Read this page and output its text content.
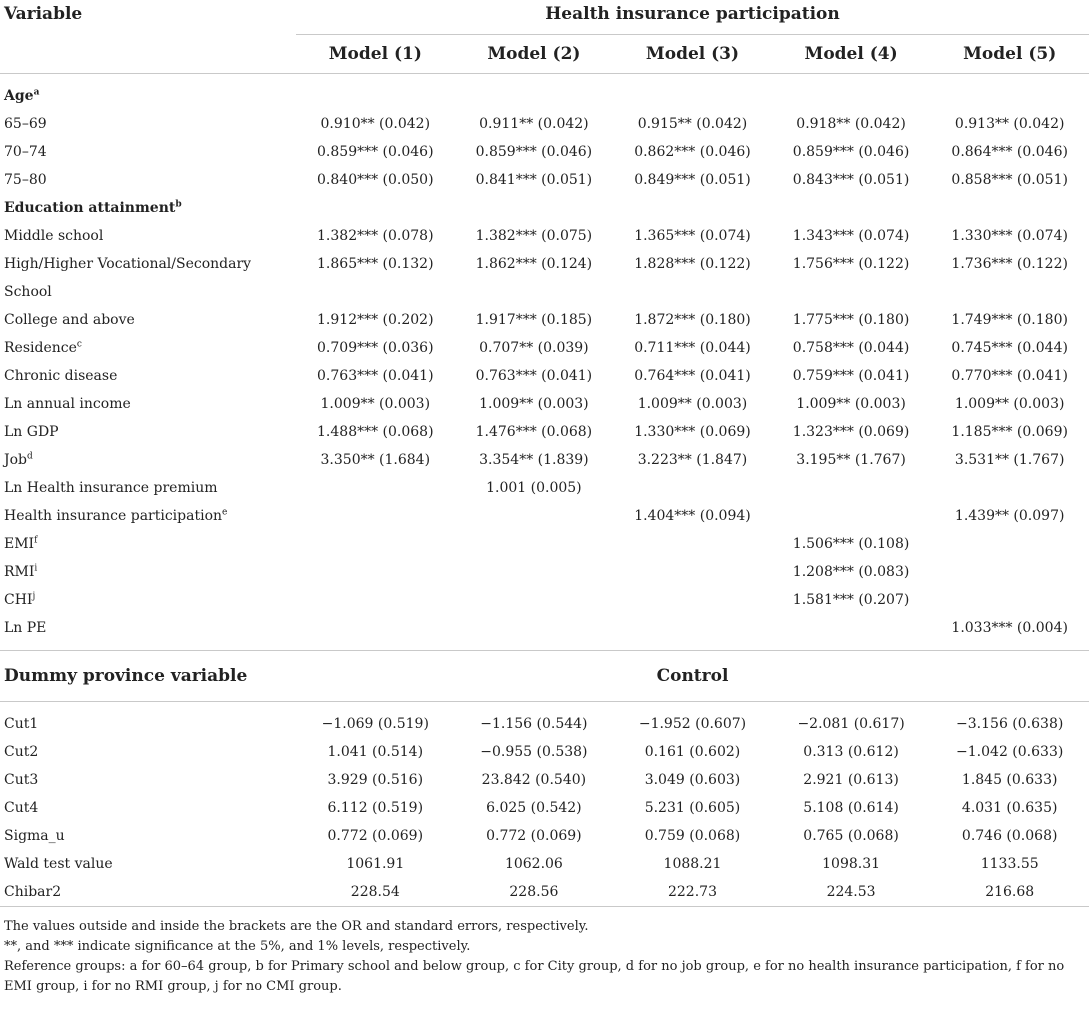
Variable	Health insurance participation				
	Model (1)	Model (2)	Model (3)	Model (4)	Model (5)

Age$^a$	
65–69	0.910** (0.042)	0.911** (0.042)	0.915** (0.042)	0.918** (0.042)	0.913** (0.042)
70–74	0.859*** (0.046)	0.859*** (0.046)	0.862*** (0.046)	0.859*** (0.046)	0.864*** (0.046)
75–80	0.840*** (0.050)	0.841*** (0.051)	0.849*** (0.051)	0.843*** (0.051)	0.858*** (0.051)
Education attainment$^b$	
Middle school	1.382*** (0.078)	1.382*** (0.075)	1.365*** (0.074)	1.343*** (0.074)	1.330*** (0.074)
High/Higher Vocational/Secondary	1.865*** (0.132)	1.862*** (0.124)	1.828*** (0.122)	1.756*** (0.122)	1.736*** (0.122)
School					
College and above	1.912*** (0.202)	1.917*** (0.185)	1.872*** (0.180)	1.775*** (0.180)	1.749*** (0.180)
Residence$^c$	0.709*** (0.036)	0.707** (0.039)	0.711*** (0.044)	0.758*** (0.044)	0.745*** (0.044)
Chronic disease	0.763*** (0.041)	0.763*** (0.041)	0.764*** (0.041)	0.759*** (0.041)	0.770*** (0.041)
Ln annual income	1.009** (0.003)	1.009** (0.003)	1.009** (0.003)	1.009** (0.003)	1.009** (0.003)
Ln GDP	1.488*** (0.068)	1.476*** (0.068)	1.330*** (0.069)	1.323*** (0.069)	1.185*** (0.069)
Job$^d$	3.350** (1.684)	3.354** (1.839)	3.223** (1.847)	3.195** (1.767)	3.531** (1.767)
Ln Health insurance premium		1.001 (0.005)			
Health insurance participation$^e$			1.404*** (0.094)		1.439** (0.097)
EMI$^f$				1.506*** (0.108)	
RMI$^i$				1.208*** (0.083)	
CHI$^j$				1.581*** (0.207)	
Ln PE					1.033*** (0.004)

Dummy province variable	Control				

Cut1	−1.069 (0.519)	−1.156 (0.544)	−1.952 (0.607)	−2.081 (0.617)	−3.156 (0.638)
Cut2	1.041 (0.514)	−0.955 (0.538)	0.161 (0.602)	0.313 (0.612)	−1.042 (0.633)
Cut3	3.929 (0.516)	23.842 (0.540)	3.049 (0.603)	2.921 (0.613)	1.845 (0.633)
Cut4	6.112 (0.519)	6.025 (0.542)	5.231 (0.605)	5.108 (0.614)	4.031 (0.635)
Sigma_u	0.772 (0.069)	0.772 (0.069)	0.759 (0.068)	0.765 (0.068)	0.746 (0.068)
Wald test value	1061.91	1062.06	1088.21	1098.31	1133.55
Chibar2	228.54	228.56	222.73	224.53	216.68

The values outside and inside the brackets are the OR and standard errors, respectively.

**, and *** indicate significance at the 5%, and 1% levels, respectively.

Reference groups: a for 60–64 group, b for Primary school and below group, c for City group, d for no job group, e for no health insurance participation, f for no EMI group, i for no RMI group, j for no CMI group.
